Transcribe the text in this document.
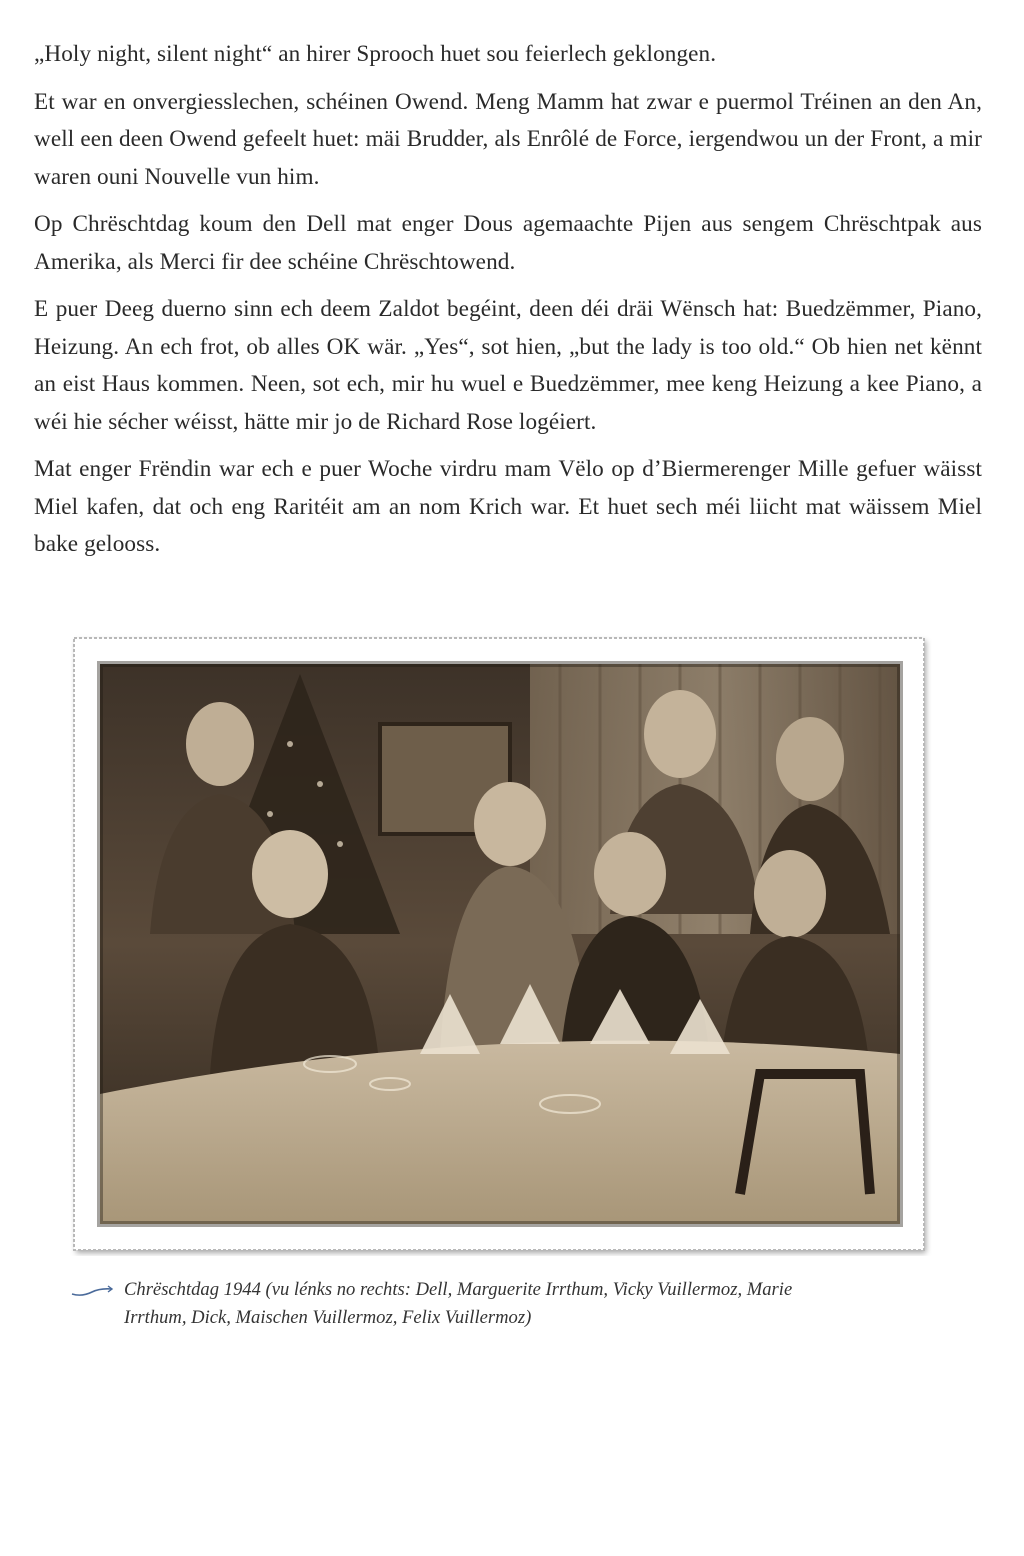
„Holy night, silent night“ an hirer Sprooch huet sou feierlech geklongen.

Et war en onvergiesslechen, schéinen Owend. Meng Mamm hat zwar e puermol Tréinen an den An, well een deen Owend gefeelt huet: mäi Brudder, als Enrôlé de Force, iergendwou un der Front, a mir waren ouni Nouvelle vun him.

Op Chrëschtdag koum den Dell mat enger Dous agemaachte Pijen aus sengem Chrëschtpak aus Amerika, als Merci fir dee schéine Chrëschtowend.

E puer Deeg duerno sinn ech deem Zaldot begéint, deen déi dräi Wënsch hat: Buedzëmmer, Piano, Heizung. An ech frot, ob alles OK wär. „Yes“, sot hien, „but the lady is too old.“ Ob hien net kënnt an eist Haus kommen. Neen, sot ech, mir hu wuel e Buedzëmmer, mee keng Heizung a kee Piano, a wéi hie sécher wéisst, hätte mir jo de Richard Rose logéiert.

Mat enger Frëndin war ech e puer Woche virdru mam Vëlo op d’Biermerenger Mille gefuer wäisst Miel kafen, dat och eng Raritéit am an nom Krich war. Et huet sech méi liicht mat wäissem Miel bake gelooss.

Chrëschtdag 1944 (vu lénks no rechts: Dell, Marguerite Irrthum, Vicky Vuillermoz, Marie
Irrthum, Dick, Maischen Vuillermoz, Felix Vuillermoz)
